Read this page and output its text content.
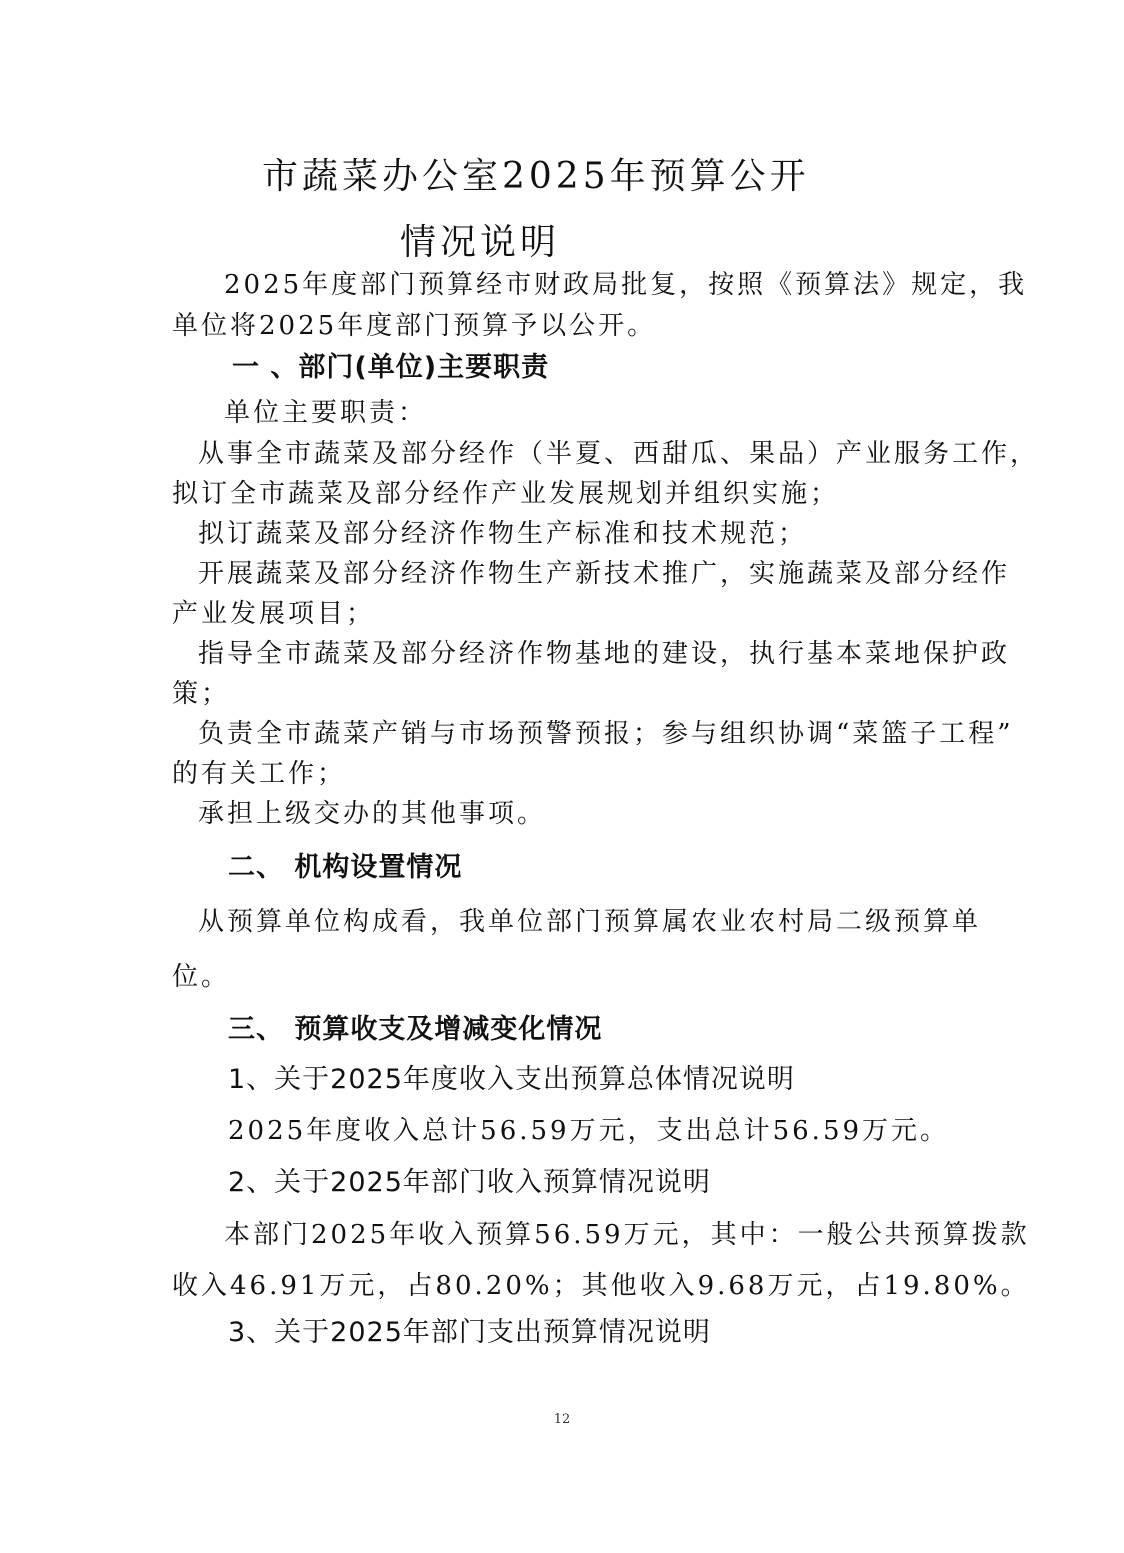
市蔬菜办公室2025年预算公开
情况说明
2025年度部门预算经市财政局批复，按照《预算法》规定，我
单位将2025年度部门预算予以公开。
一 、部门(单位)主要职责
单位主要职责：
从事全市蔬菜及部分经作（半夏、西甜瓜、果品）产业服务工作，
拟订全市蔬菜及部分经作产业发展规划并组织实施；
拟订蔬菜及部分经济作物生产标准和技术规范；
开展蔬菜及部分经济作物生产新技术推广，实施蔬菜及部分经作
产业发展项目；
指导全市蔬菜及部分经济作物基地的建设，执行基本菜地保护政
策；
负责全市蔬菜产销与市场预警预报；参与组织协调“菜篮子工程”
的有关工作；
承担上级交办的其他事项。
二、 机构设置情况
从预算单位构成看，我单位部门预算属农业农村局二级预算单
位。
三、 预算收支及增减变化情况
1、关于2025年度收入支出预算总体情况说明
2025年度收入总计56.59万元，支出总计56.59万元。
2、关于2025年部门收入预算情况说明
本部门2025年收入预算56.59万元，其中：一般公共预算拨款
收入46.91万元，占80.20%；其他收入9.68万元，占19.80%。
3、关于2025年部门支出预算情况说明
12
